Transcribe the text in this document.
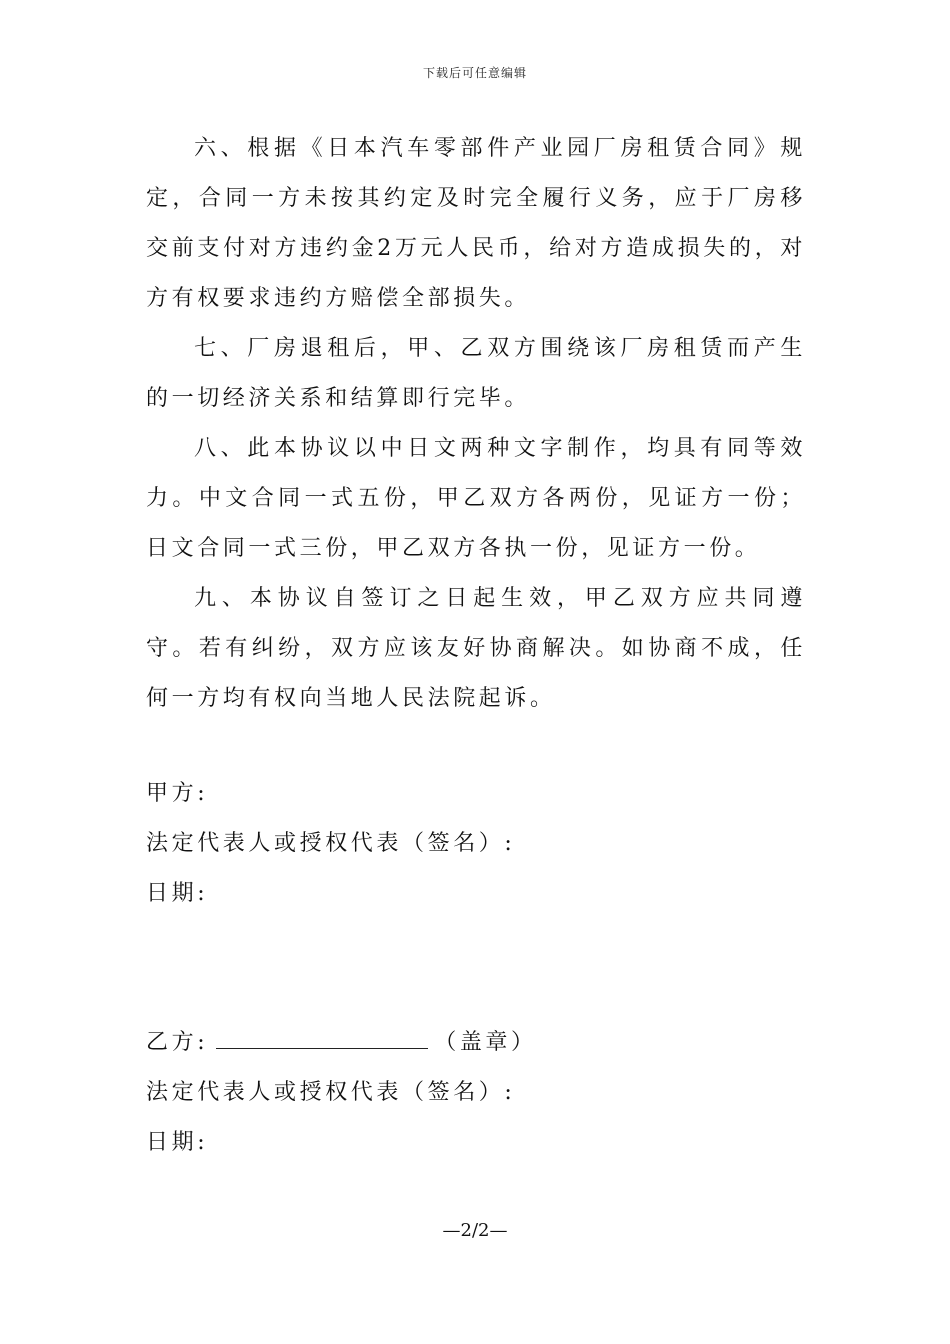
下载后可任意编辑

六、根据《日本汽车零部件产业园厂房租赁合同》规定，合同一方未按其约定及时完全履行义务，应于厂房移交前支付对方违约金2万元人民币，给对方造成损失的，对方有权要求违约方赔偿全部损失。

七、厂房退租后，甲、乙双方围绕该厂房租赁而产生的一切经济关系和结算即行完毕。

八、此本协议以中日文两种文字制作，均具有同等效力。中文合同一式五份，甲乙双方各两份，见证方一份；日文合同一式三份，甲乙双方各执一份，见证方一份。

九、本协议自签订之日起生效，甲乙双方应共同遵守。若有纠纷，双方应该友好协商解决。如协商不成，任何一方均有权向当地人民法院起诉。

甲方:
法定代表人或授权代表（签名）:
日期:
乙方:	（盖章）
法定代表人或授权代表（签名）:
日期:
—2/2—
